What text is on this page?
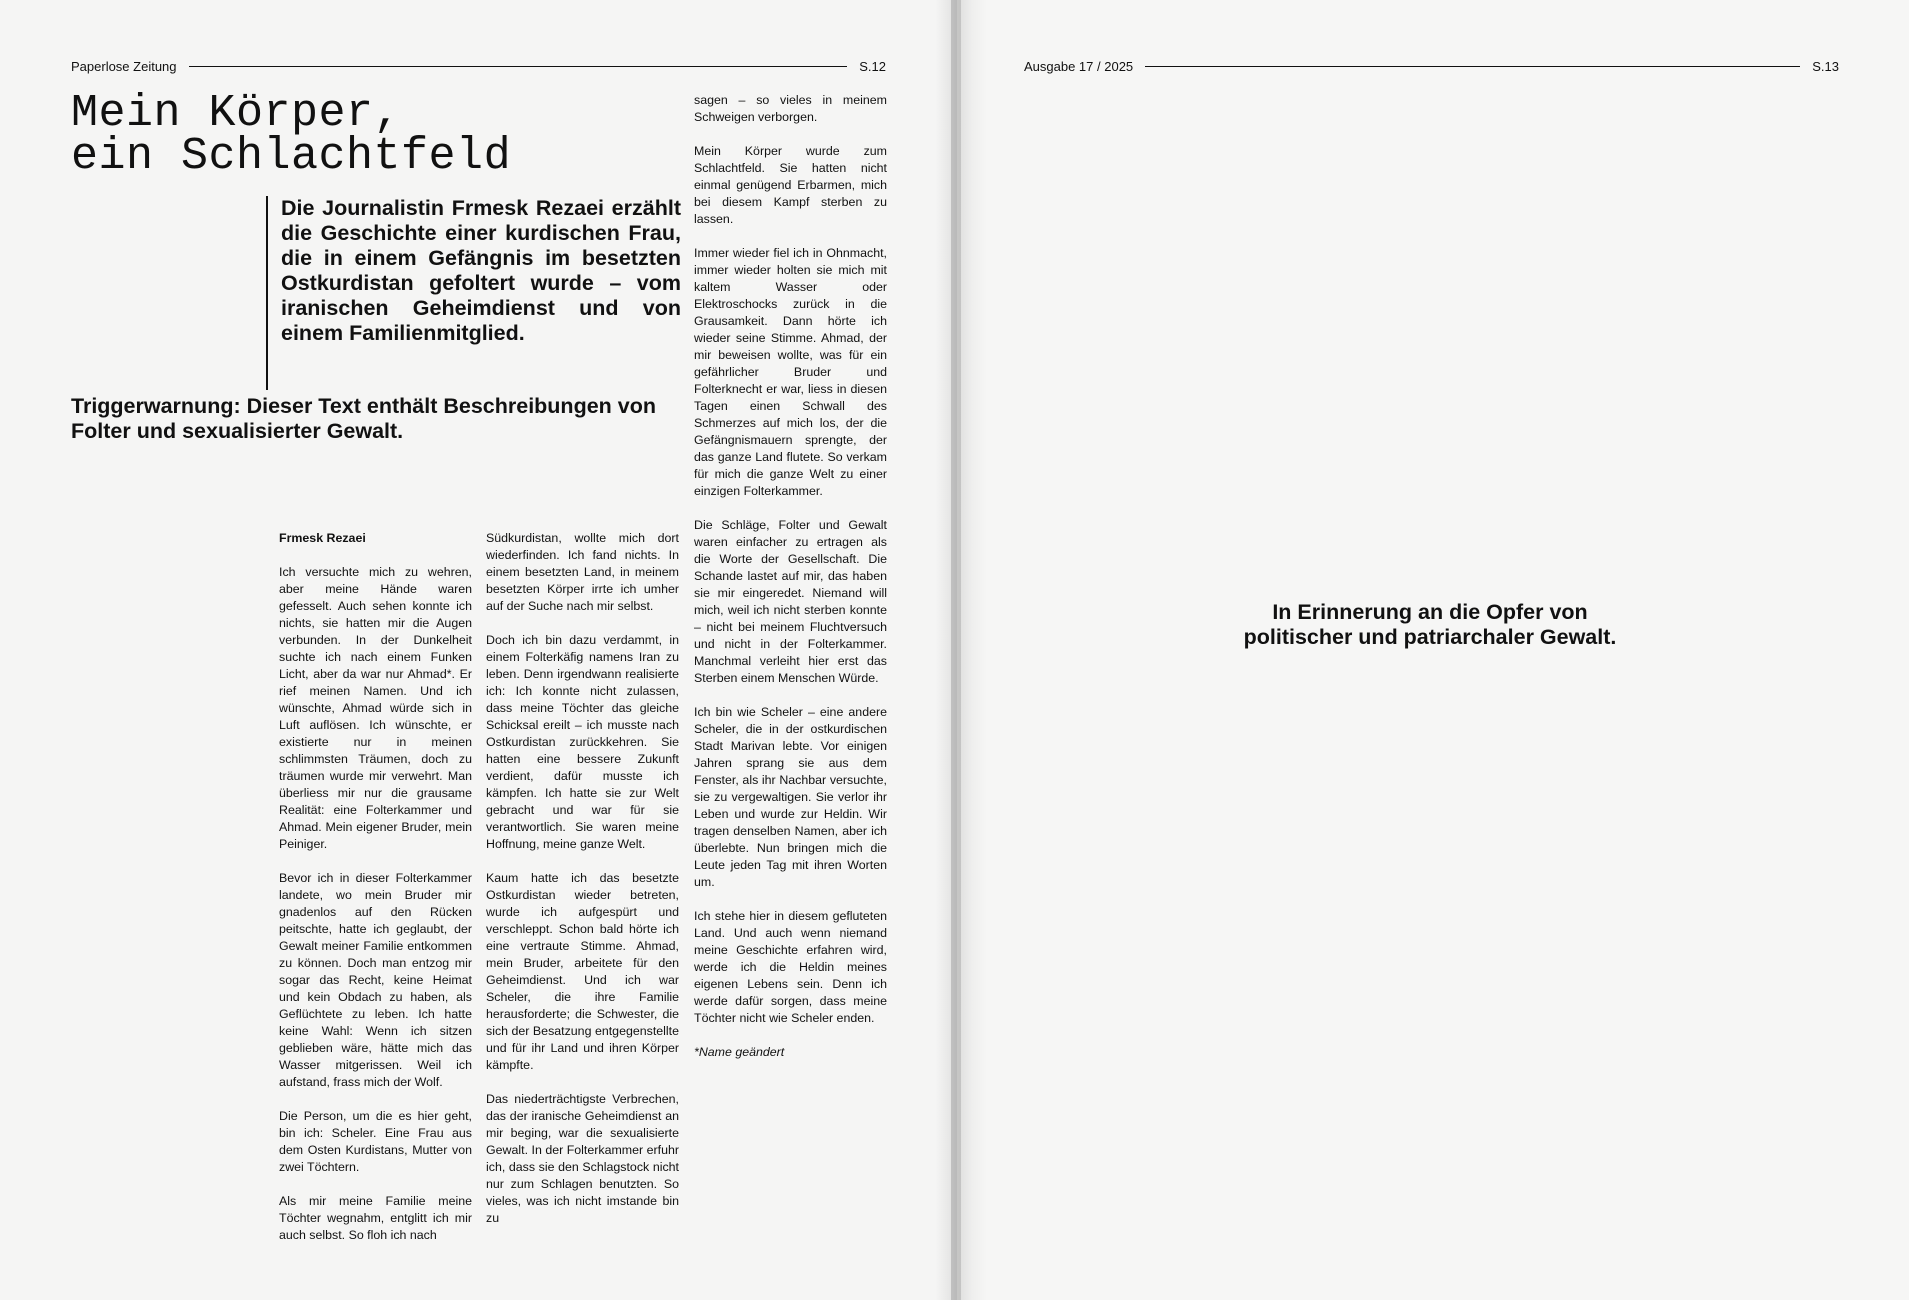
Paperlose Zeitung	S.12
Mein Körper,
ein Schlachtfeld

Die Journalistin Frmesk Rezaei erzählt die Geschichte einer kurdischen Frau, die in einem Gefängnis im besetzten Ostkurdistan gefoltert wurde – vom iranischen Geheimdienst und von einem Familienmitglied.

Triggerwarnung: Dieser Text enthält Beschreibungen von Folter und sexualisierter Gewalt.

Frmesk Rezaei

Ich versuchte mich zu wehren, aber meine Hände waren gefesselt. Auch sehen konnte ich nichts, sie hatten mir die Augen verbunden. In der Dunkelheit suchte ich nach einem Funken Licht, aber da war nur Ahmad*. Er rief meinen Namen. Und ich wünschte, Ahmad würde sich in Luft auflösen. Ich wünschte, er existierte nur in meinen schlimmsten Träumen, doch zu träumen wurde mir verwehrt. Man überliess mir nur die grausame Realität: eine Folterkammer und Ahmad. Mein eigener Bruder, mein Peiniger.

Bevor ich in dieser Folterkammer landete, wo mein Bruder mir gnadenlos auf den Rücken peitschte, hatte ich geglaubt, der Gewalt meiner Familie entkommen zu können. Doch man entzog mir sogar das Recht, keine Heimat und kein Obdach zu haben, als Geflüchtete zu leben. Ich hatte keine Wahl: Wenn ich sitzen geblieben wäre, hätte mich das Wasser mitgerissen. Weil ich aufstand, frass mich der Wolf.

Die Person, um die es hier geht, bin ich: Scheler. Eine Frau aus dem Osten Kurdistans, Mutter von zwei Töchtern.

Als mir meine Familie meine Töchter wegnahm, entglitt ich mir auch selbst. So floh ich nach

Südkurdistan, wollte mich dort wiederfinden. Ich fand nichts. In einem besetzten Land, in meinem besetzten Körper irrte ich umher auf der Suche nach mir selbst.

Doch ich bin dazu verdammt, in einem Folterkäfig namens Iran zu leben. Denn irgendwann realisierte ich: Ich konnte nicht zulassen, dass meine Töchter das gleiche Schicksal ereilt – ich musste nach Ostkurdistan zurückkehren. Sie hatten eine bessere Zukunft verdient, dafür musste ich kämpfen. Ich hatte sie zur Welt gebracht und war für sie verantwortlich. Sie waren meine Hoffnung, meine ganze Welt.

Kaum hatte ich das besetzte Ostkurdistan wieder betreten, wurde ich aufgespürt und verschleppt. Schon bald hörte ich eine vertraute Stimme. Ahmad, mein Bruder, arbeitete für den Geheimdienst. Und ich war Scheler, die ihre Familie herausforderte; die Schwester, die sich der Besatzung entgegenstellte und für ihr Land und ihren Körper kämpfte.

Das niederträchtigste Verbrechen, das der iranische Geheimdienst an mir beging, war die sexualisierte Gewalt. In der Folterkammer erfuhr ich, dass sie den Schlagstock nicht nur zum Schlagen benutzten. So vieles, was ich nicht imstande bin zu

sagen – so vieles in meinem Schweigen verborgen.

Mein Körper wurde zum Schlachtfeld. Sie hatten nicht einmal genügend Erbarmen, mich bei diesem Kampf sterben zu lassen.

Immer wieder fiel ich in Ohnmacht, immer wieder holten sie mich mit kaltem Wasser oder Elektroschocks zurück in die Grausamkeit. Dann hörte ich wieder seine Stimme. Ahmad, der mir beweisen wollte, was für ein gefährlicher Bruder und Folterknecht er war, liess in diesen Tagen einen Schwall des Schmerzes auf mich los, der die Gefängnismauern sprengte, der das ganze Land flutete. So verkam für mich die ganze Welt zu einer einzigen Folterkammer.

Die Schläge, Folter und Gewalt waren einfacher zu ertragen als die Worte der Gesellschaft. Die Schande lastet auf mir, das haben sie mir eingeredet. Niemand will mich, weil ich nicht sterben konnte – nicht bei meinem Fluchtversuch und nicht in der Folterkammer. Manchmal verleiht hier erst das Sterben einem Menschen Würde.

Ich bin wie Scheler – eine andere Scheler, die in der ostkurdischen Stadt Marivan lebte. Vor einigen Jahren sprang sie aus dem Fenster, als ihr Nachbar versuchte, sie zu vergewaltigen. Sie verlor ihr Leben und wurde zur Heldin. Wir tragen denselben Namen, aber ich überlebte. Nun bringen mich die Leute jeden Tag mit ihren Worten um.

Ich stehe hier in diesem gefluteten Land. Und auch wenn niemand meine Geschichte erfahren wird, werde ich die Heldin meines eigenen Lebens sein. Denn ich werde dafür sorgen, dass meine Töchter nicht wie Scheler enden.

*Name geändert

Ausgabe 17 / 2025	S.13

In Erinnerung an die Opfer von
politischer und patriarchaler Gewalt.
